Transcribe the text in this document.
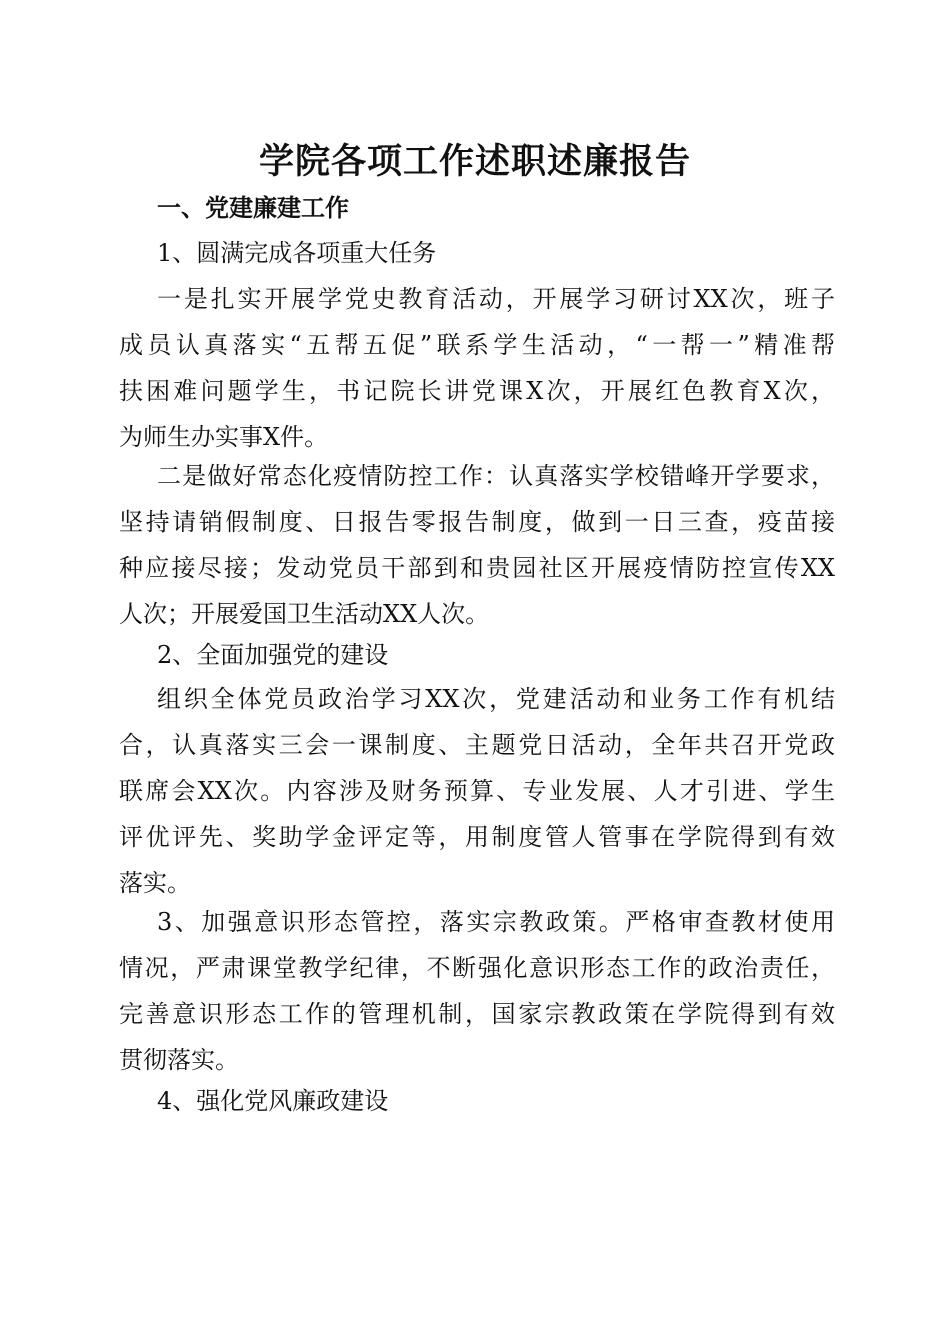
学院各项工作述职述廉报告
一、党建廉建工作
1、圆满完成各项重大任务
一是扎实开展学党史教育活动，开展学习研讨XX次，班子
成员认真落实“五帮五促”联系学生活动，“一帮一”精准帮
扶困难问题学生，书记院长讲党课X次，开展红色教育X次，
为师生办实事X件。
二是做好常态化疫情防控工作：认真落实学校错峰开学要求，
坚持请销假制度、日报告零报告制度，做到一日三查，疫苗接
种应接尽接；发动党员干部到和贵园社区开展疫情防控宣传XX
人次；开展爱国卫生活动XX人次。
2、全面加强党的建设
组织全体党员政治学习XX次，党建活动和业务工作有机结
合，认真落实三会一课制度、主题党日活动，全年共召开党政
联席会XX次。内容涉及财务预算、专业发展、人才引进、学生
评优评先、奖助学金评定等，用制度管人管事在学院得到有效
落实。
3、加强意识形态管控，落实宗教政策。严格审查教材使用
情况，严肃课堂教学纪律，不断强化意识形态工作的政治责任，
完善意识形态工作的管理机制，国家宗教政策在学院得到有效
贯彻落实。
4、强化党风廉政建设
